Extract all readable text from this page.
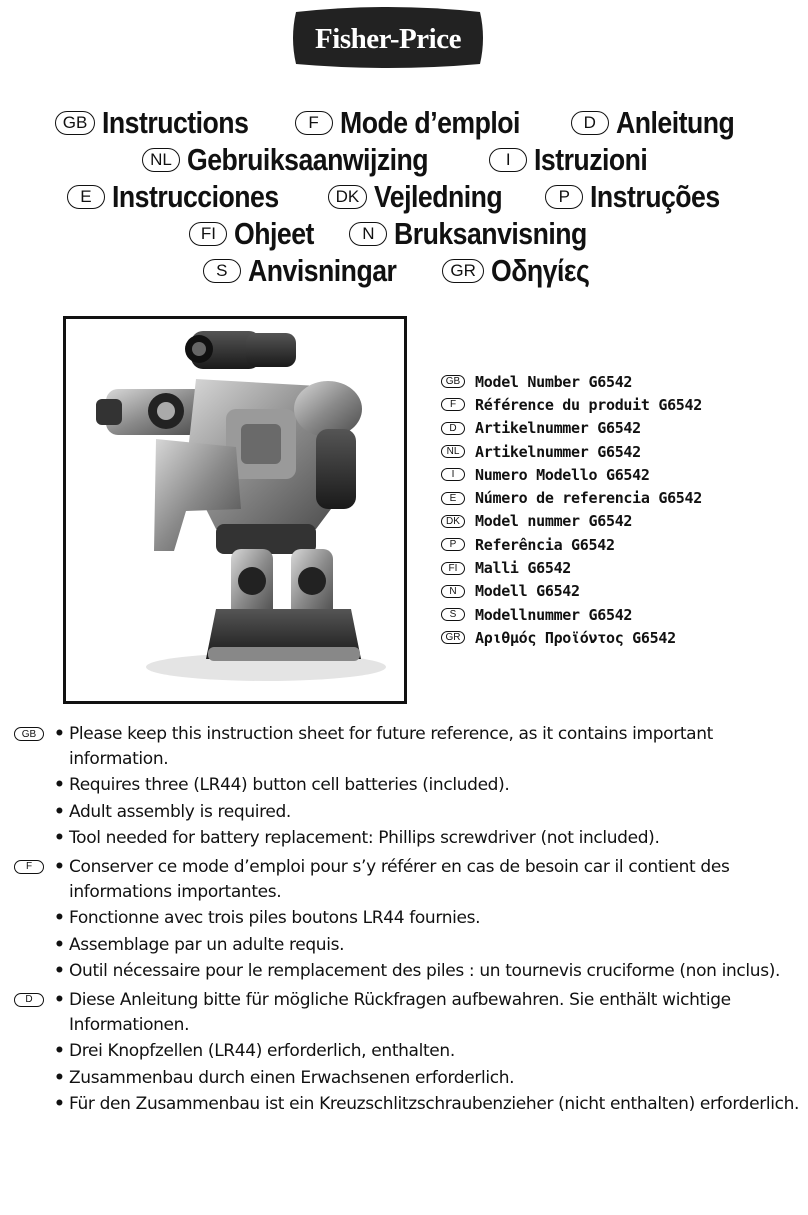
Fisher-Price
GB Instructions	F Mode d’emploi	D Anleitung
NL Gebruiksaanwijzing	I Istruzioni
E Instrucciones	DK Vejledning	P Instruções
FI Ohjeet	N Bruksanvisning
S Anvisningar	GR Οδηγίες
GB Model Number G6542
F	Référence du produit G6542
D	Artikelnummer G6542
NL	Artikelnummer G6542
I	Numero Modello G6542
E	Número de referencia G6542
DK	Model nummer G6542
P	Referência G6542
FI	Malli G6542
N	Modell G6542
S	Modellnummer G6542
GR Αριθμός Προϊόντος G6542
GB	• Please keep this instruction sheet for future reference, as it contains important information.
• Requires three (LR44) button cell batteries (included).
• Adult assembly is required.
• Tool needed for battery replacement: Phillips screwdriver (not included).
F	• Conserver ce mode d’emploi pour s’y référer en cas de besoin car il contient des informations importantes.
• Fonctionne avec trois piles boutons LR44 fournies.
• Assemblage par un adulte requis.
• Outil nécessaire pour le remplacement des piles : un tournevis cruciforme (non inclus).
D	• Diese Anleitung bitte für mögliche Rückfragen aufbewahren. Sie enthält wichtige Informationen.
• Drei Knopfzellen (LR44) erforderlich, enthalten.
• Zusammenbau durch einen Erwachsenen erforderlich.
• Für den Zusammenbau ist ein Kreuzschlitzschraubenzieher (nicht enthalten) erforderlich.
